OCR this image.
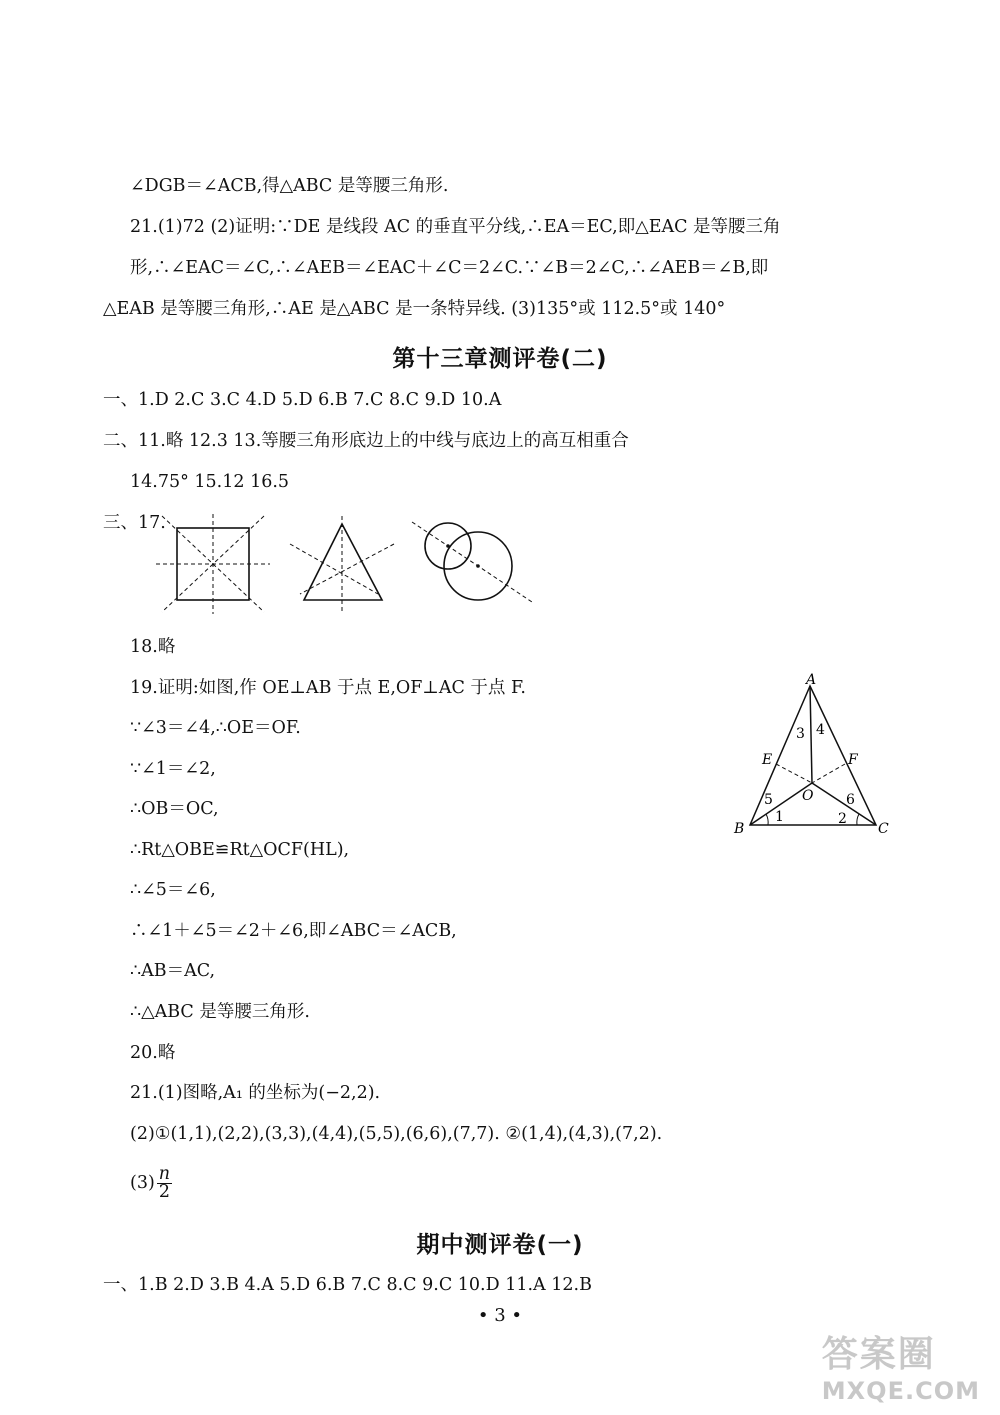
∠DGB＝∠ACB,得△ABC 是等腰三角形.
21.(1)72 (2)证明:∵DE 是线段 AC 的垂直平分线,∴EA＝EC,即△EAC 是等腰三角
形,∴∠EAC＝∠C,∴∠AEB＝∠EAC＋∠C＝2∠C.∵∠B＝2∠C,∴∠AEB＝∠B,即
△EAB 是等腰三角形,∴AE 是△ABC 是一条特异线. (3)135°或 112.5°或 140°
第十三章测评卷(二)
一、1.D 2.C 3.C 4.D 5.D 6.B 7.C 8.C 9.D 10.A
二、11.略 12.3 13.等腰三角形底边上的中线与底边上的高互相重合
14.75° 15.12 16.5
三、17.
18.略
19.证明:如图,作 OE⊥AB 于点 E,OF⊥AC 于点 F.
∵∠3＝∠4,∴OE＝OF.
∵∠1＝∠2,
∴OB＝OC,
∴Rt△OBE≌Rt△OCF(HL),
∴∠5＝∠6,
∴∠1＋∠5＝∠2＋∠6,即∠ABC＝∠ACB,
∴AB＝AC,
∴△ABC 是等腰三角形.
A
B	C
E	F
O
1	2
3 4
5	6
20.略
21.(1)图略,A₁ 的坐标为(−2,2).
(2)①(1,1),(2,2),(3,3),(4,4),(5,5),(6,6),(7,7). ②(1,4),(4,3),(7,2).
$(3) \frac{n}{2}$
期中测评卷(一)
一、1.B 2.D 3.B 4.A 5.D 6.B 7.C 8.C 9.C 10.D 11.A 12.B
• 3 •
答案圈
MXQE.COM
